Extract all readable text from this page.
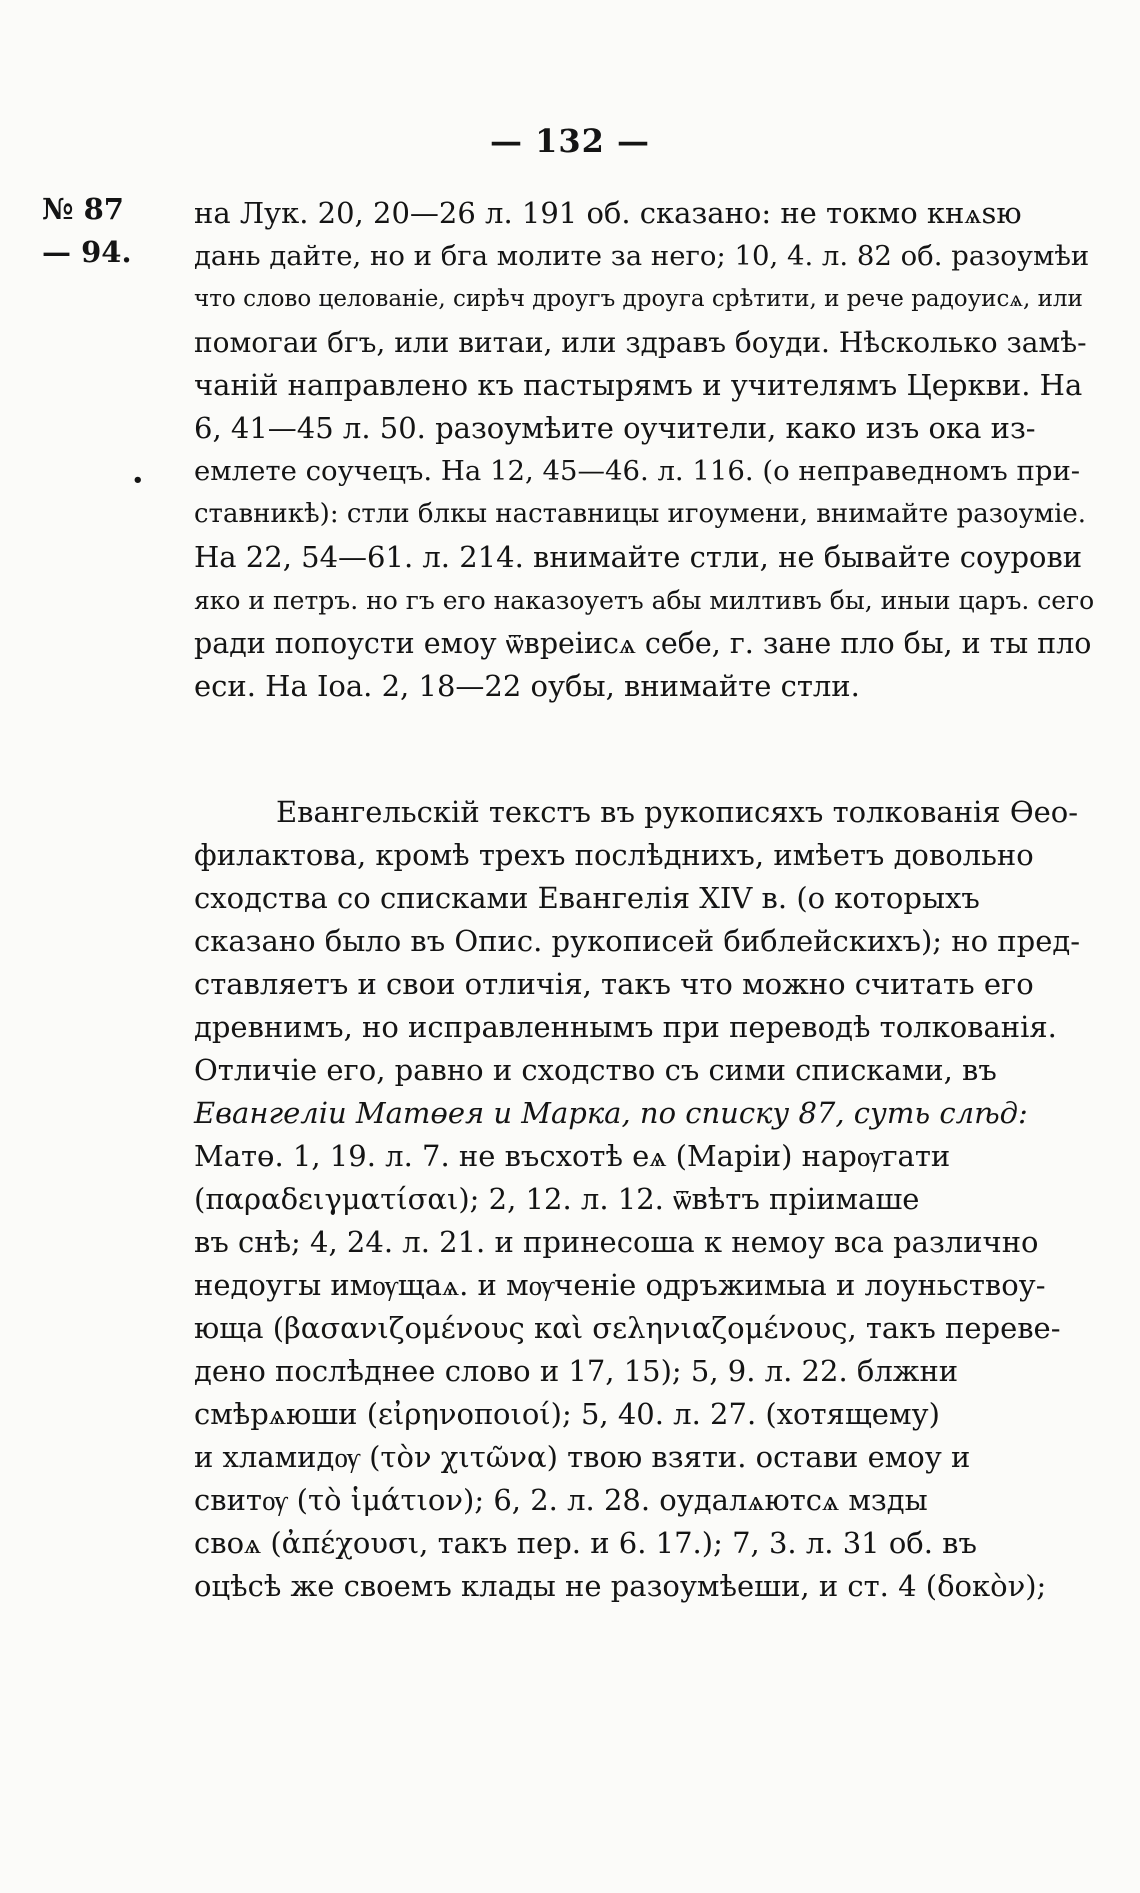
— 132 —
№ 87
— 94.
•
на Лук. 20, 20—26 л. 191 об. сказано: не токмо кнѧѕю
дань дайте, но и бга молите за него; 10, 4. л. 82 об. разоумѣи
что слово целованіе, сирѣч дроугъ дроуга срѣтити, и рече радоуисѧ, или
помогаи бгъ, или витаи, или здравъ боуди. Нѣсколько замѣ-
чаній направлено къ пастырямъ и учителямъ Церкви. На
6, 41—45 л. 50. разоумѣите оучители, како изъ ока из-
емлете соучецъ. На 12, 45—46. л. 116. (о неправедномъ при-
ставникѣ): стли блкы наставницы игоумени, внимайте разоуміе.
На 22, 54—61. л. 214. внимайте стли, не бывайте соурови
яко и петръ. но гъ его наказоуетъ абы милтивъ бы, иныи царъ. сего
ради попоусти емоу ѿвреіисѧ себе, г. зане пло бы, и ты пло
еси. На Іоа. 2, 18—22 оубы, внимайте стли.
Евангельскій текстъ въ рукописяхъ толкованія Өеo-
филактова, кромѣ трехъ послѣднихъ, имѣетъ довольно
сходства со списками Евангелія XIV в. (о которыхъ
сказано было въ Опис. рукописей библейскихъ); но пред-
ставляетъ и свои отличія, такъ что можно считать его
древнимъ, но исправленнымъ при переводѣ толкованія.
Отличіе его, равно и сходство съ сими списками, въ
Евангеліи Матөея и Марка, по списку 87, суть слѣд:
Матө. 1, 19. л. 7. не въсхотѣ еѧ (Маріи) нарѹгати
(παραδειγματίσαι); 2, 12. л. 12. ѿвѣтъ пріимаше
въ снѣ; 4, 24. л. 21. и принесоша к немоу вса различно
недоугы имѹщаѧ. и мѹченіе одръжимыа и лоуньствоу-
юща (βασανιζομένους καὶ σεληνιαζομένους, такъ переве-
дено послѣднее слово и 17, 15); 5, 9. л. 22. блжни
смѣрѧюши (εἰρηνοποιοί); 5, 40. л. 27. (хотящему)
и хламидѹ (τὸν χιτῶνα) твою взяти. остави емоу и
свитѹ (τὸ ἱμάτιον); 6, 2. л. 28. оудалѧютсѧ мзды
своѧ (ἀπέχουσι, такъ пер. и 6. 17.); 7, 3. л. 31 об. въ
оцѣсѣ же своемъ клады не разоумѣеши, и ст. 4 (δοκὸν);
